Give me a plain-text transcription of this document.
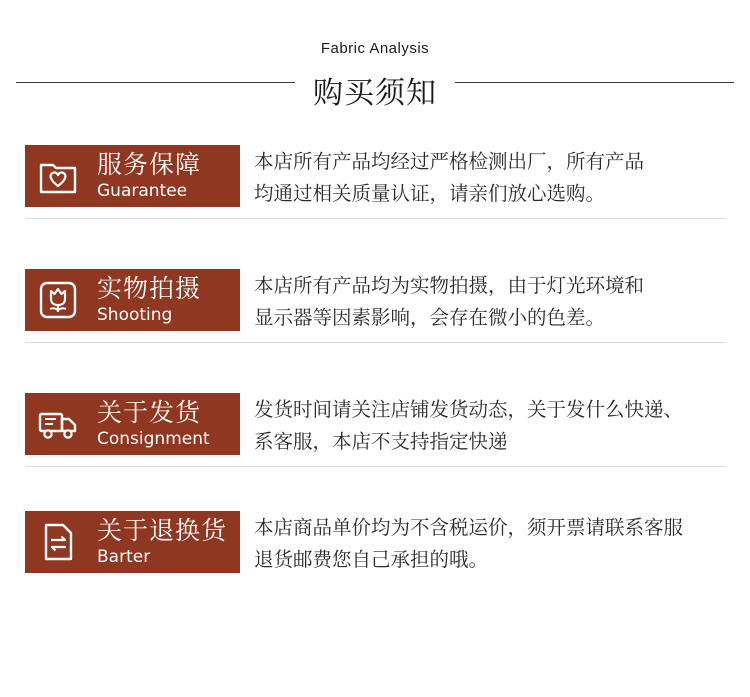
Fabric Analysis
购买须知
服务保障
Guarantee
本店所有产品均经过严格检测出厂，所有产品
均通过相关质量认证，请亲们放心选购。
实物拍摄
Shooting
本店所有产品均为实物拍摄，由于灯光环境和
显示器等因素影响，会存在微小的色差。
关于发货
Consignment
发货时间请关注店铺发货动态，关于发什么快递、
系客服，本店不支持指定快递
关于退换货
Barter
本店商品单价均为不含税运价，须开票请联系客服
退货邮费您自己承担的哦。
